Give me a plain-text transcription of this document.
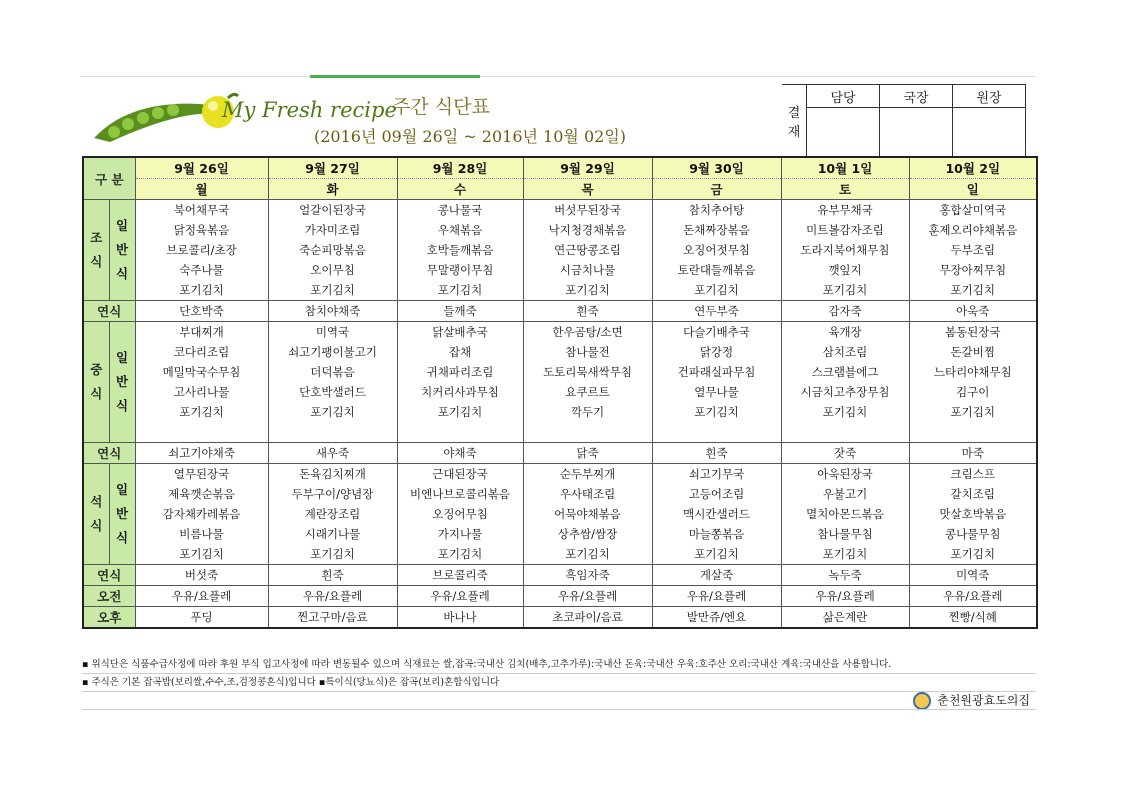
My Fresh recipe
주간 식단표
(2016년 09월 26일 ~ 2016년 10월 02일)
결재	담당	국장	원장

구 분		9월 26일	9월 27일	9월 28일	9월 29일	9월 30일	10월 1일	10월 2일
		월	화	수	목	금	토	일
조식	일반식	북어채무국	얼갈이된장국	콩나물국	버섯무된장국	참치추어탕	유부무채국	홍합살미역국
		닭정육볶음	가자미조림	우채볶음	낙지청경채볶음	돈채짜장볶음	미트볼감자조림	훈제오리야채볶음
		브로콜리/초장	죽순피망볶음	호박들깨볶음	연근땅콩조림	오징어젓무침	도라지북어채무침	두부조림
		숙주나물	오이무침	무말랭이무침	시금치나물	토란대들깨볶음	깻잎지	무장아찌무침
		포기김치	포기김치	포기김치	포기김치	포기김치	포기김치	포기김치
연식		단호박죽	참치야채죽	들깨죽	흰죽	연두부죽	감자죽	아욱죽
중식	일반식	부대찌개	미역국	닭살배추국	한우곰탕/소면	다슬기배추국	육개장	봄동된장국
		코다리조림	쇠고기팽이불고기	잡채	참나물전	닭강정	삼치조림	돈갈비찜
		메밀막국수무침	더덕볶음	귀채파리조림	도토리묵새싹무침	건파래실파무침	스크램블에그	느타리야채무침
		고사리나물	단호박샐러드	치커리사과무침	요쿠르트	열무나물	시금치고추장무침	김구이
		포기김치	포기김치	포기김치	깍두기	포기김치	포기김치	포기김치

연식		쇠고기야채죽	새우죽	야채죽	닭죽	흰죽	잣죽	마죽
석식	일반식	열무된장국	돈육김치찌개	근대된장국	순두부찌개	쇠고기무국	아욱된장국	크림스프
		제육깻순볶음	두부구이/양념장	비엔나브로콜리볶음	우사태조림	고등어조림	우불고기	갈치조림
		감자채카레볶음	계란장조림	오징어무침	어묵야채볶음	맥시칸샐러드	멸치아몬드볶음	맛살호박볶음
		비름나물	시래기나물	가지나물	상추쌈/쌈장	마늘쫑볶음	참나물무침	콩나물무침
		포기김치	포기김치	포기김치	포기김치	포기김치	포기김치	포기김치
연식		버섯죽	흰죽	브로콜리죽	흑임자죽	게살죽	녹두죽	미역죽
오전		우유/요플레	우유/요플레	우유/요플레	우유/요플레	우유/요플레	우유/요플레	우유/요플레
오후		푸딩	찐고구마/음료	바나나	초코파이/음료	발만쥬/엔요	삶은계란	찐빵/식혜
▪ 위식단은 식품수급사정에 따라 후원 부식 입고사정에 따라 변동될수 있으며 식재료는 쌀,잡곡:국내산 김치(배추,고추가루):국내산 돈육:국내산 우육:호주산 오리:국내산 계육:국내산을 사용합니다.
▪ 주식은 기본 잡곡밥(보리쌀,수수,조,검정콩혼식)입니다 ▪특이식(당뇨식)은 잡곡(보리)혼합식입니다
춘천원광효도의집
